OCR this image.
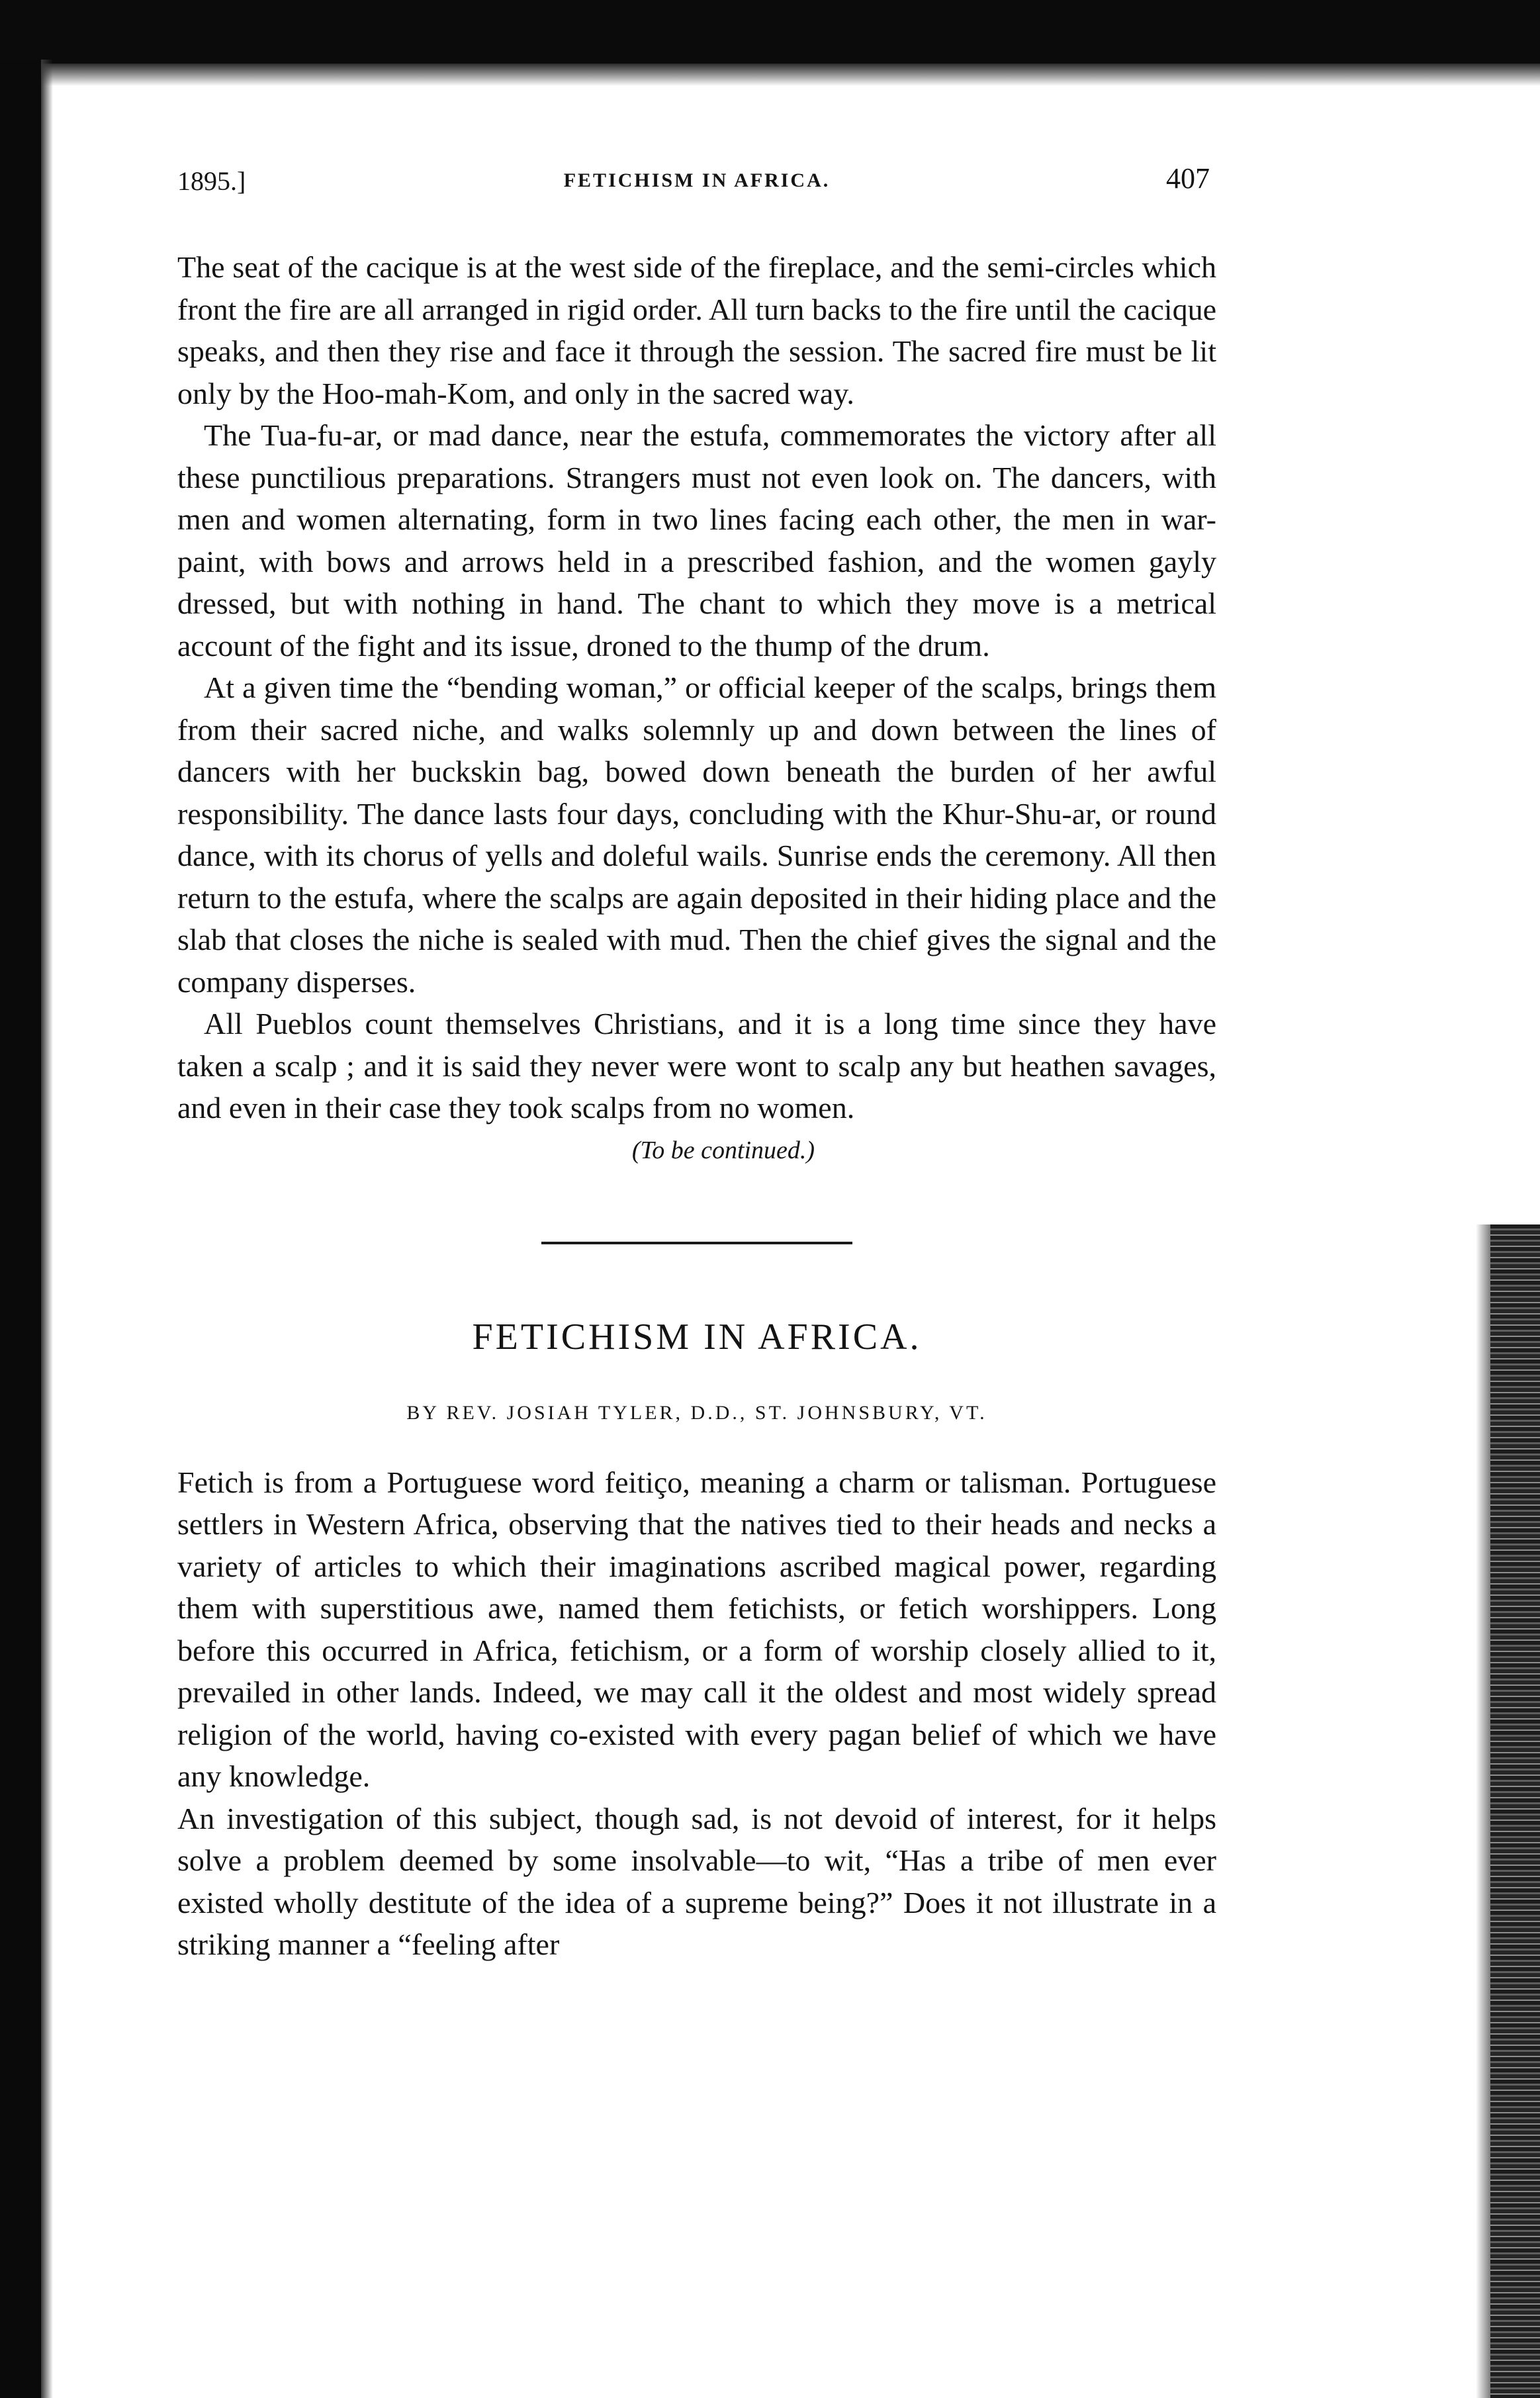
1895.]	FETICHISM IN AFRICA.	407

The seat of the cacique is at the west side of the fireplace, and the semi-circles which front the fire are all arranged in rigid order. All turn backs to the fire until the cacique speaks, and then they rise and face it through the session. The sacred fire must be lit only by the Hoo-mah-Kom, and only in the sacred way.

The Tua-fu-ar, or mad dance, near the estufa, commemorates the victory after all these punctilious preparations. Strangers must not even look on. The dancers, with men and women alternating, form in two lines facing each other, the men in war-paint, with bows and arrows held in a prescribed fashion, and the women gayly dressed, but with nothing in hand. The chant to which they move is a metrical account of the fight and its issue, droned to the thump of the drum.

At a given time the “bending woman,” or official keeper of the scalps, brings them from their sacred niche, and walks solemnly up and down between the lines of dancers with her buckskin bag, bowed down beneath the burden of her awful responsibility. The dance lasts four days, concluding with the Khur-Shu-ar, or round dance, with its chorus of yells and doleful wails. Sunrise ends the ceremony. All then return to the estufa, where the scalps are again deposited in their hiding place and the slab that closes the niche is sealed with mud. Then the chief gives the signal and the company disperses.

All Pueblos count themselves Christians, and it is a long time since they have taken a scalp ; and it is said they never were wont to scalp any but heathen savages, and even in their case they took scalps from no women.

(To be continued.)
FETICHISM IN AFRICA.
BY REV. JOSIAH TYLER, D.D., ST. JOHNSBURY, VT.

Fetich is from a Portuguese word feitiço, meaning a charm or talisman. Portuguese settlers in Western Africa, observing that the natives tied to their heads and necks a variety of articles to which their imaginations ascribed magical power, regarding them with superstitious awe, named them fetichists, or fetich worshippers. Long before this occurred in Africa, fetichism, or a form of worship closely allied to it, prevailed in other lands. Indeed, we may call it the oldest and most widely spread religion of the world, having co-existed with every pagan belief of which we have any knowledge.

An investigation of this subject, though sad, is not devoid of interest, for it helps solve a problem deemed by some insolvable—to wit, “Has a tribe of men ever existed wholly destitute of the idea of a supreme being?” Does it not illustrate in a striking manner a “feeling after
